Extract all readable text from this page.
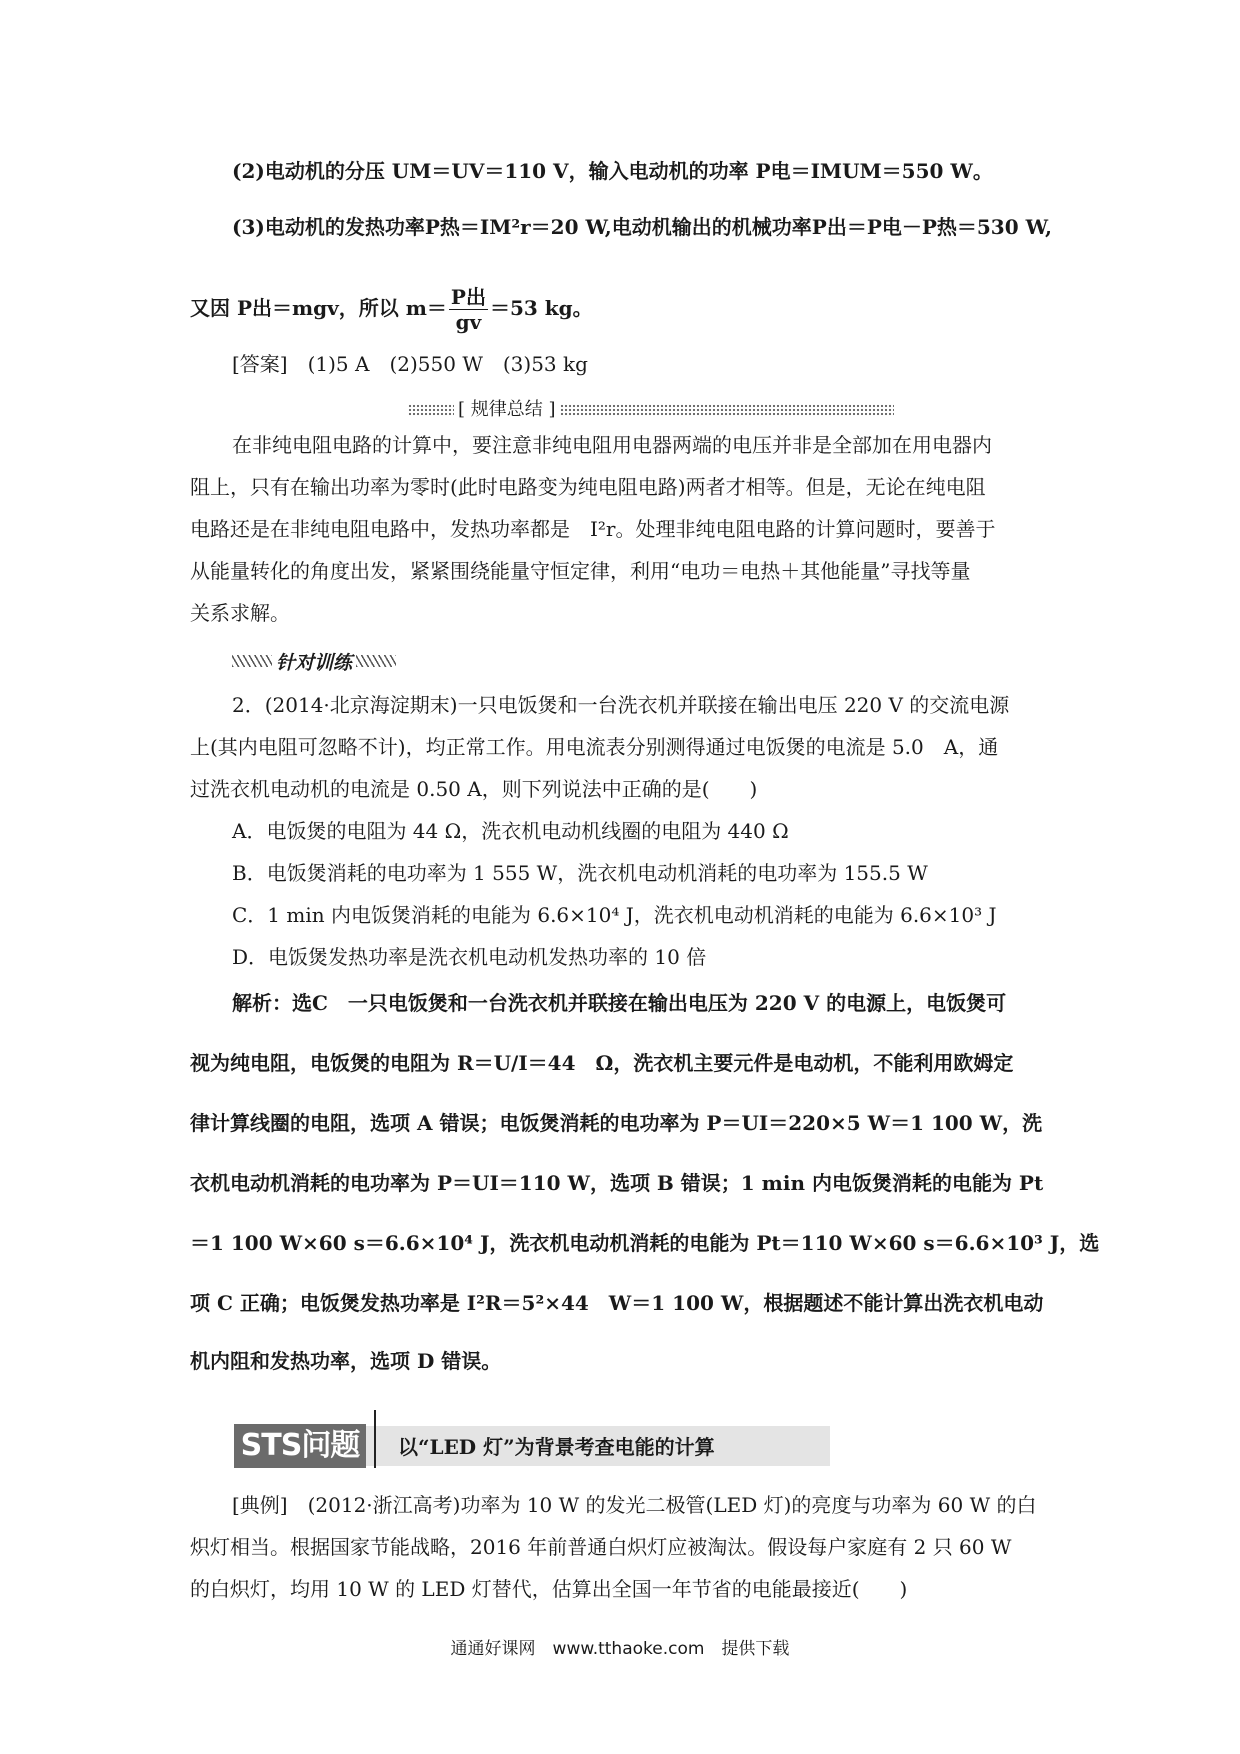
(2)电动机的分压 UM＝UV＝110 V，输入电动机的功率 P电＝IMUM＝550 W。
(3)电动机的发热功率P热＝IM²r＝20 W,电动机输出的机械功率P出＝P电－P热＝530 W,
又因 P出＝mgv，所以 $m= \frac{\text{P出}}{gv} =53$ kg。
[答案]　(1)5 A　(2)550 W　(3)53 kg
[ 规律总结 ]
在非纯电阻电路的计算中，要注意非纯电阻用电器两端的电压并非是全部加在用电器内
阻上，只有在输出功率为零时(此时电路变为纯电阻电路)两者才相等。但是，无论在纯电阻
电路还是在非纯电阻电路中，发热功率都是　I²r。处理非纯电阻电路的计算问题时，要善于
从能量转化的角度出发，紧紧围绕能量守恒定律，利用“电功＝电热＋其他能量”寻找等量
关系求解。
针对训练
2．(2014·北京海淀期末)一只电饭煲和一台洗衣机并联接在输出电压 220 V 的交流电源
上(其内电阻可忽略不计)，均正常工作。用电流表分别测得通过电饭煲的电流是 5.0　A，通
过洗衣机电动机的电流是 0.50 A，则下列说法中正确的是(　　)
A．电饭煲的电阻为 44 Ω，洗衣机电动机线圈的电阻为 440 Ω
B．电饭煲消耗的电功率为 1 555 W，洗衣机电动机消耗的电功率为 155.5 W
C．1 min 内电饭煲消耗的电能为 6.6×10⁴ J，洗衣机电动机消耗的电能为 6.6×10³ J
D．电饭煲发热功率是洗衣机电动机发热功率的 10 倍
解析：选C　一只电饭煲和一台洗衣机并联接在输出电压为 220 V 的电源上，电饭煲可
视为纯电阻，电饭煲的电阻为 R＝U/I＝44　Ω，洗衣机主要元件是电动机，不能利用欧姆定
律计算线圈的电阻，选项 A 错误；电饭煲消耗的电功率为 P＝UI＝220×5 W＝1 100 W，洗
衣机电动机消耗的电功率为 P＝UI＝110 W，选项 B 错误；1 min 内电饭煲消耗的电能为 Pt
＝1 100 W×60 s＝6.6×10⁴ J，洗衣机电动机消耗的电能为 Pt＝110 W×60 s＝6.6×10³ J，选
项 C 正确；电饭煲发热功率是 I²R＝5²×44　W＝1 100 W，根据题述不能计算出洗衣机电动
机内阻和发热功率，选项 D 错误。
STS问题	以“LED 灯”为背景考查电能的计算
[典例]　(2012·浙江高考)功率为 10 W 的发光二极管(LED 灯)的亮度与功率为 60 W 的白
炽灯相当。根据国家节能战略，2016 年前普通白炽灯应被淘汰。假设每户家庭有 2 只 60 W
的白炽灯，均用 10 W 的 LED 灯替代，估算出全国一年节省的电能最接近(　　)
通通好课网　www.tthaoke.com　提供下载
